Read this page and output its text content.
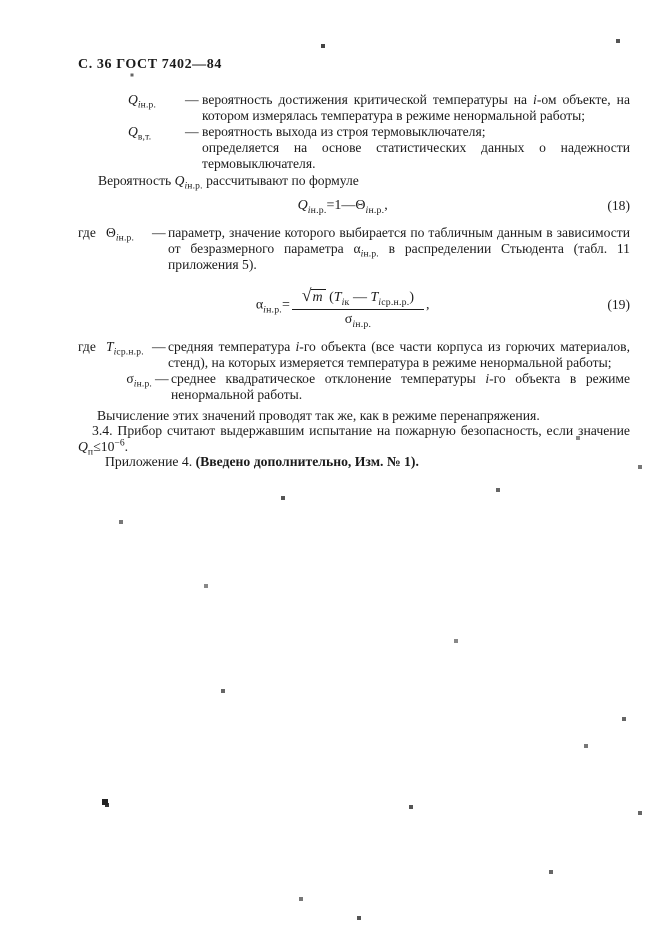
С. 36 ГОСТ 7402—84
$Q_{iн.р.}$	— вероятность достижения критической температуры на i-ом объекте, на котором измерялась температура в режиме ненормальной работы;
$Q_{в,т.}$	— вероятность выхода из строя термовыключателя;
определяется на основе статистических данных о надежности термовыключателя.
Вероятность $Q_{iн.р.}$ рассчитывают по формуле
$Q_{iн.р.}=1—\Theta_{iн.р.}$,	(18)
где $\Theta_{iн.р.}$	— параметр, значение которого выбирается по табличным данным в зависимости от безразмерного параметра $\alpha_{iн.р.}$ в распределении Стьюдента (табл. 11 приложения 5).
$\alpha_{iн.р.}= \frac{√m (T_{iк} — T_{iср.н.р.})}{\sigma_{iн.р.}}$ ,	(19)
где $T_{iср.н.р.}$ — средняя температура i-го объекта (все части корпуса из горючих материалов, стенд), на которых измеряется температура в режиме ненормальной работы;
$\sigma_{iн.р.}$ — среднее квадратическое отклонение температуры i-го объекта в режиме ненормальной работы.

Вычисление этих значений проводят так же, как в режиме перенапряжения.

3.4. Прибор считают выдержавшим испытание на пожарную безопасность, если значение $Q_п\le 10^{-6}$.

Приложение 4. (Введено дополнительно, Изм. № 1).
